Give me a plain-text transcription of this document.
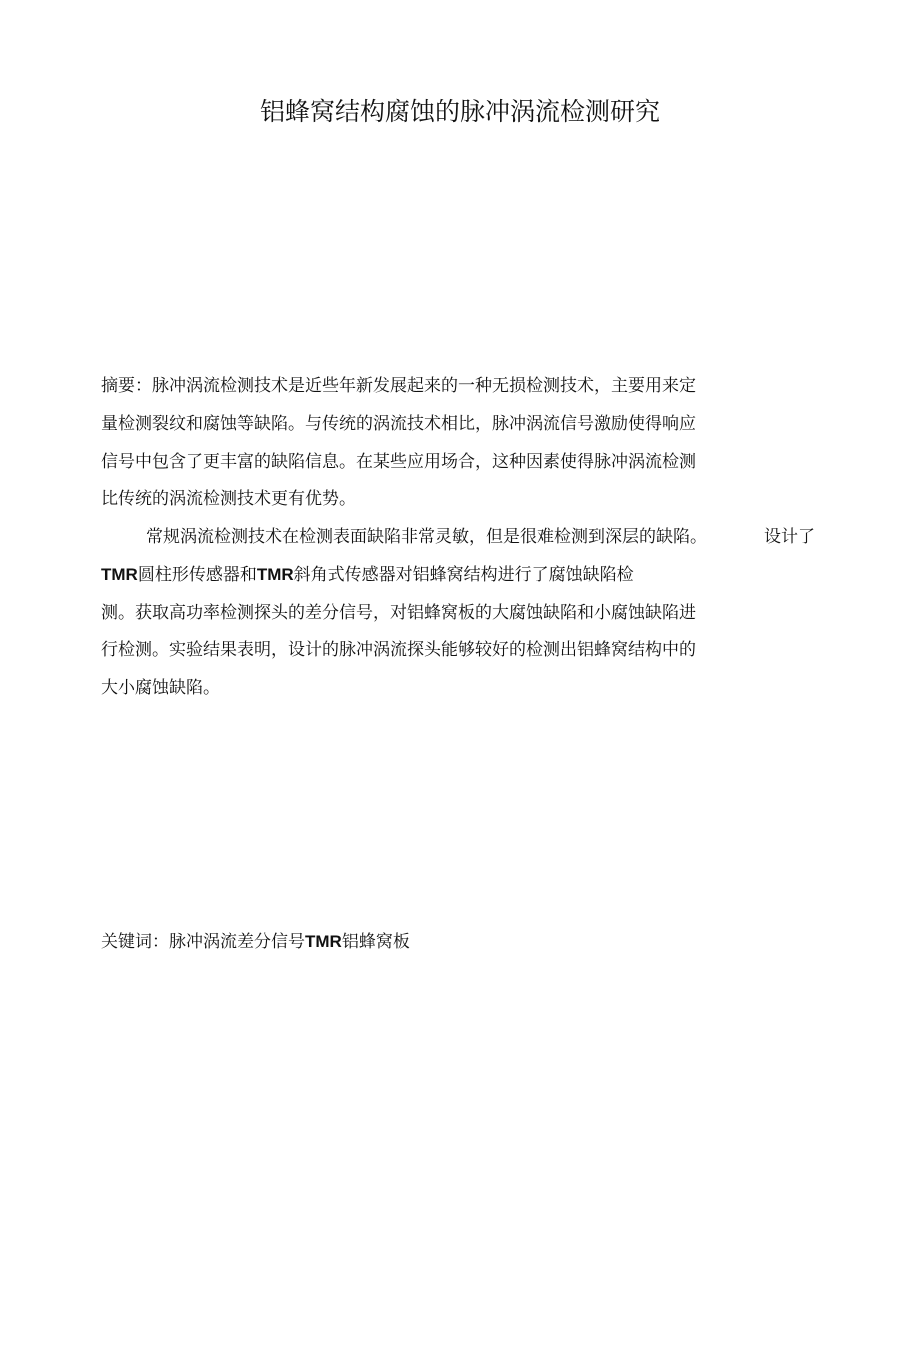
铝蜂窝结构腐蚀的脉冲涡流检测研究
摘要：脉冲涡流检测技术是近些年新发展起来的一种无损检测技术，主要用来定
量检测裂纹和腐蚀等缺陷。与传统的涡流技术相比，脉冲涡流信号激励使得响应
信号中包含了更丰富的缺陷信息。在某些应用场合，这种因素使得脉冲涡流检测
比传统的涡流检测技术更有优势。
常规涡流检测技术在检测表面缺陷非常灵敏，但是很难检测到深层的缺陷。	设计了
TMR圆柱形传感器和TMR斜角式传感器对铝蜂窝结构进行了腐蚀缺陷检
测。获取高功率检测探头的差分信号，对铝蜂窝板的大腐蚀缺陷和小腐蚀缺陷进
行检测。实验结果表明，设计的脉冲涡流探头能够较好的检测出铝蜂窝结构中的
大小腐蚀缺陷。
关键词：脉冲涡流差分信号TMR铝蜂窝板
